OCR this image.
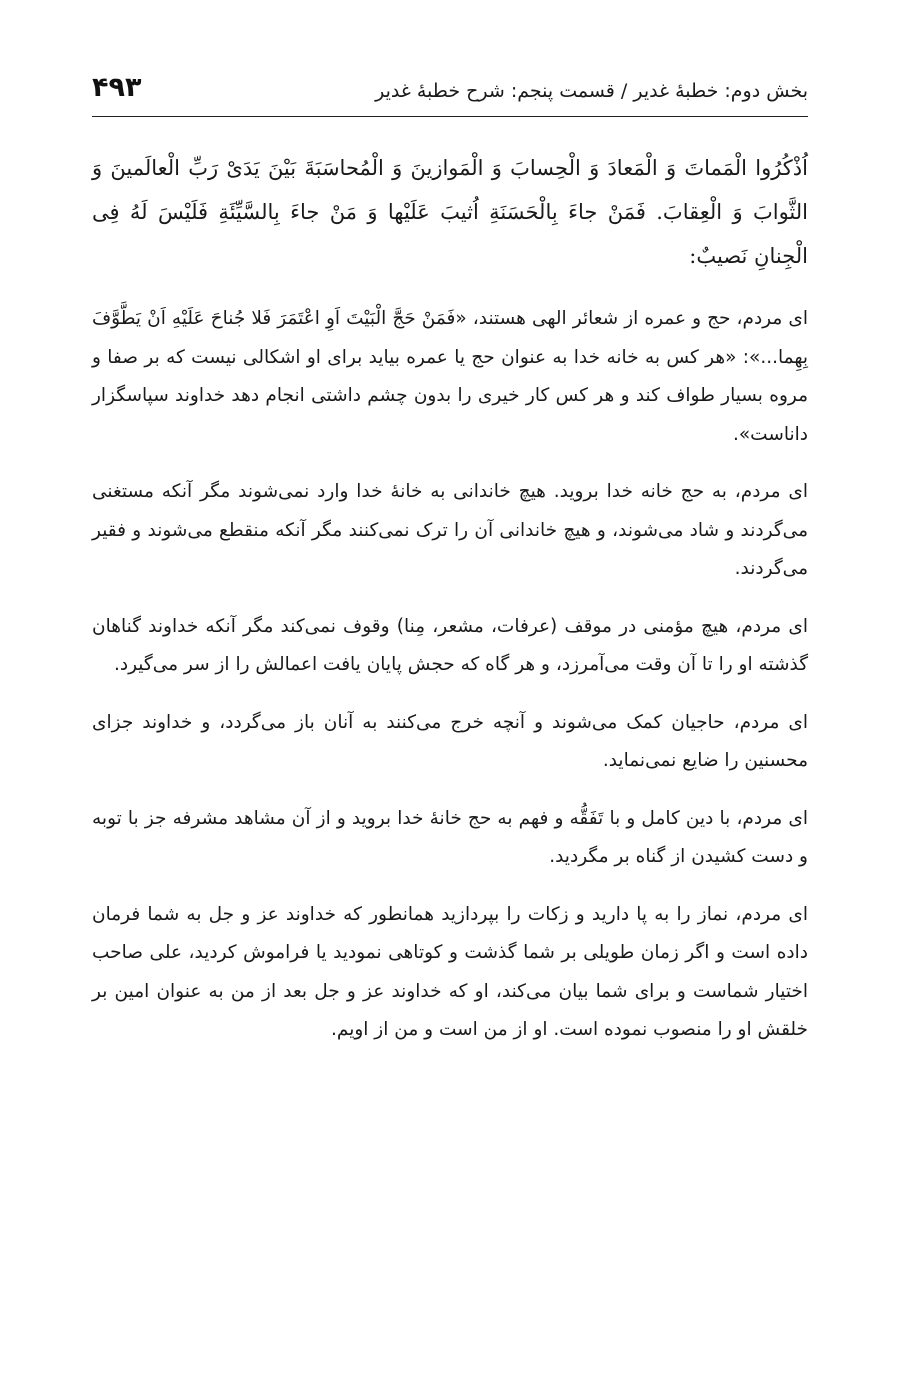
بخش دوم: خطبهٔ غدیر / قسمت پنجم: شرح خطبهٔ غدیر
۴۹۳

اُذْکُرُوا الْمَماتَ وَ الْمَعادَ وَ الْحِسابَ وَ الْمَوازینَ وَ الْمُحاسَبَةَ بَیْنَ یَدَیْ رَبِّ الْعالَمینَ وَ الثَّوابَ وَ الْعِقابَ. فَمَنْ جاءَ بِالْحَسَنَةِ اُثیبَ عَلَیْها وَ مَنْ جاءَ بِالسَّیِّئَةِ فَلَیْسَ لَهُ فِی الْجِنانِ نَصیبٌ:

ای مردم، حج و عمره از شعائر الهی هستند، «فَمَنْ حَجَّ الْبَیْتَ اَوِ اعْتَمَرَ فَلا جُناحَ عَلَیْهِ اَنْ یَطَّوَّفَ بِهِما...»: «هر کس به خانه خدا به عنوان حج یا عمره بیاید برای او اشکالی نیست که بر صفا و مروه بسیار طواف کند و هر کس کار خیری را بدون چشم داشتی انجام دهد خداوند سپاسگزار داناست».

ای مردم، به حج خانه خدا بروید. هیچ خاندانی به خانهٔ خدا وارد نمی‌شوند مگر آنکه مستغنی می‌گردند و شاد می‌شوند، و هیچ خاندانی آن را ترک نمی‌کنند مگر آنکه منقطع می‌شوند و فقیر می‌گردند.

ای مردم، هیچ مؤمنی در موقف (عرفات، مشعر، مِنا) وقوف نمی‌کند مگر آنکه خداوند گناهان گذشته او را تا آن وقت می‌آمرزد، و هر گاه که حجش پایان یافت اعمالش را از سر می‌گیرد.

ای مردم، حاجیان کمک می‌شوند و آنچه خرج می‌کنند به آنان باز می‌گردد، و خداوند جزای محسنین را ضایع نمی‌نماید.

ای مردم، با دین کامل و با تَفَقُّه و فهم به حج خانهٔ خدا بروید و از آن مشاهد مشرفه جز با توبه و دست کشیدن از گناه بر مگردید.

ای مردم، نماز را به پا دارید و زکات را بپردازید همانطور که خداوند عز و جل به شما فرمان داده است و اگر زمان طویلی بر شما گذشت و کوتاهی نمودید یا فراموش کردید، علی صاحب اختیار شماست و برای شما بیان می‌کند، او که خداوند عز و جل بعد از من به عنوان امین بر خلقش او را منصوب نموده است. او از من است و من از اویم.
